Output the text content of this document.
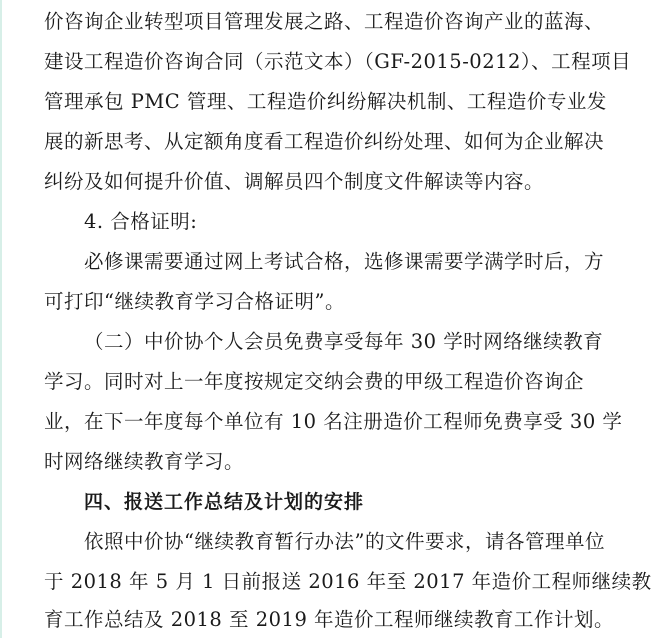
价咨询企业转型项目管理发展之路、工程造价咨询产业的蓝海、
建设工程造价咨询合同（示范文本）（GF-2015-0212）、工程项目
管理承包 PMC 管理、工程造价纠纷解决机制、工程造价专业发
展的新思考、从定额角度看工程造价纠纷处理、如何为企业解决
纠纷及如何提升价值、调解员四个制度文件解读等内容。
4. 合格证明:
必修课需要通过网上考试合格，选修课需要学满学时后，方
可打印“继续教育学习合格证明”。
（二）中价协个人会员免费享受每年 30 学时网络继续教育
学习。同时对上一年度按规定交纳会费的甲级工程造价咨询企
业，在下一年度每个单位有 10 名注册造价工程师免费享受 30 学
时网络继续教育学习。
四、报送工作总结及计划的安排
依照中价协“继续教育暂行办法”的文件要求，请各管理单位
于 2018 年 5 月 1 日前报送 2016 年至 2017 年造价工程师继续教
育工作总结及 2018 至 2019 年造价工程师继续教育工作计划。
